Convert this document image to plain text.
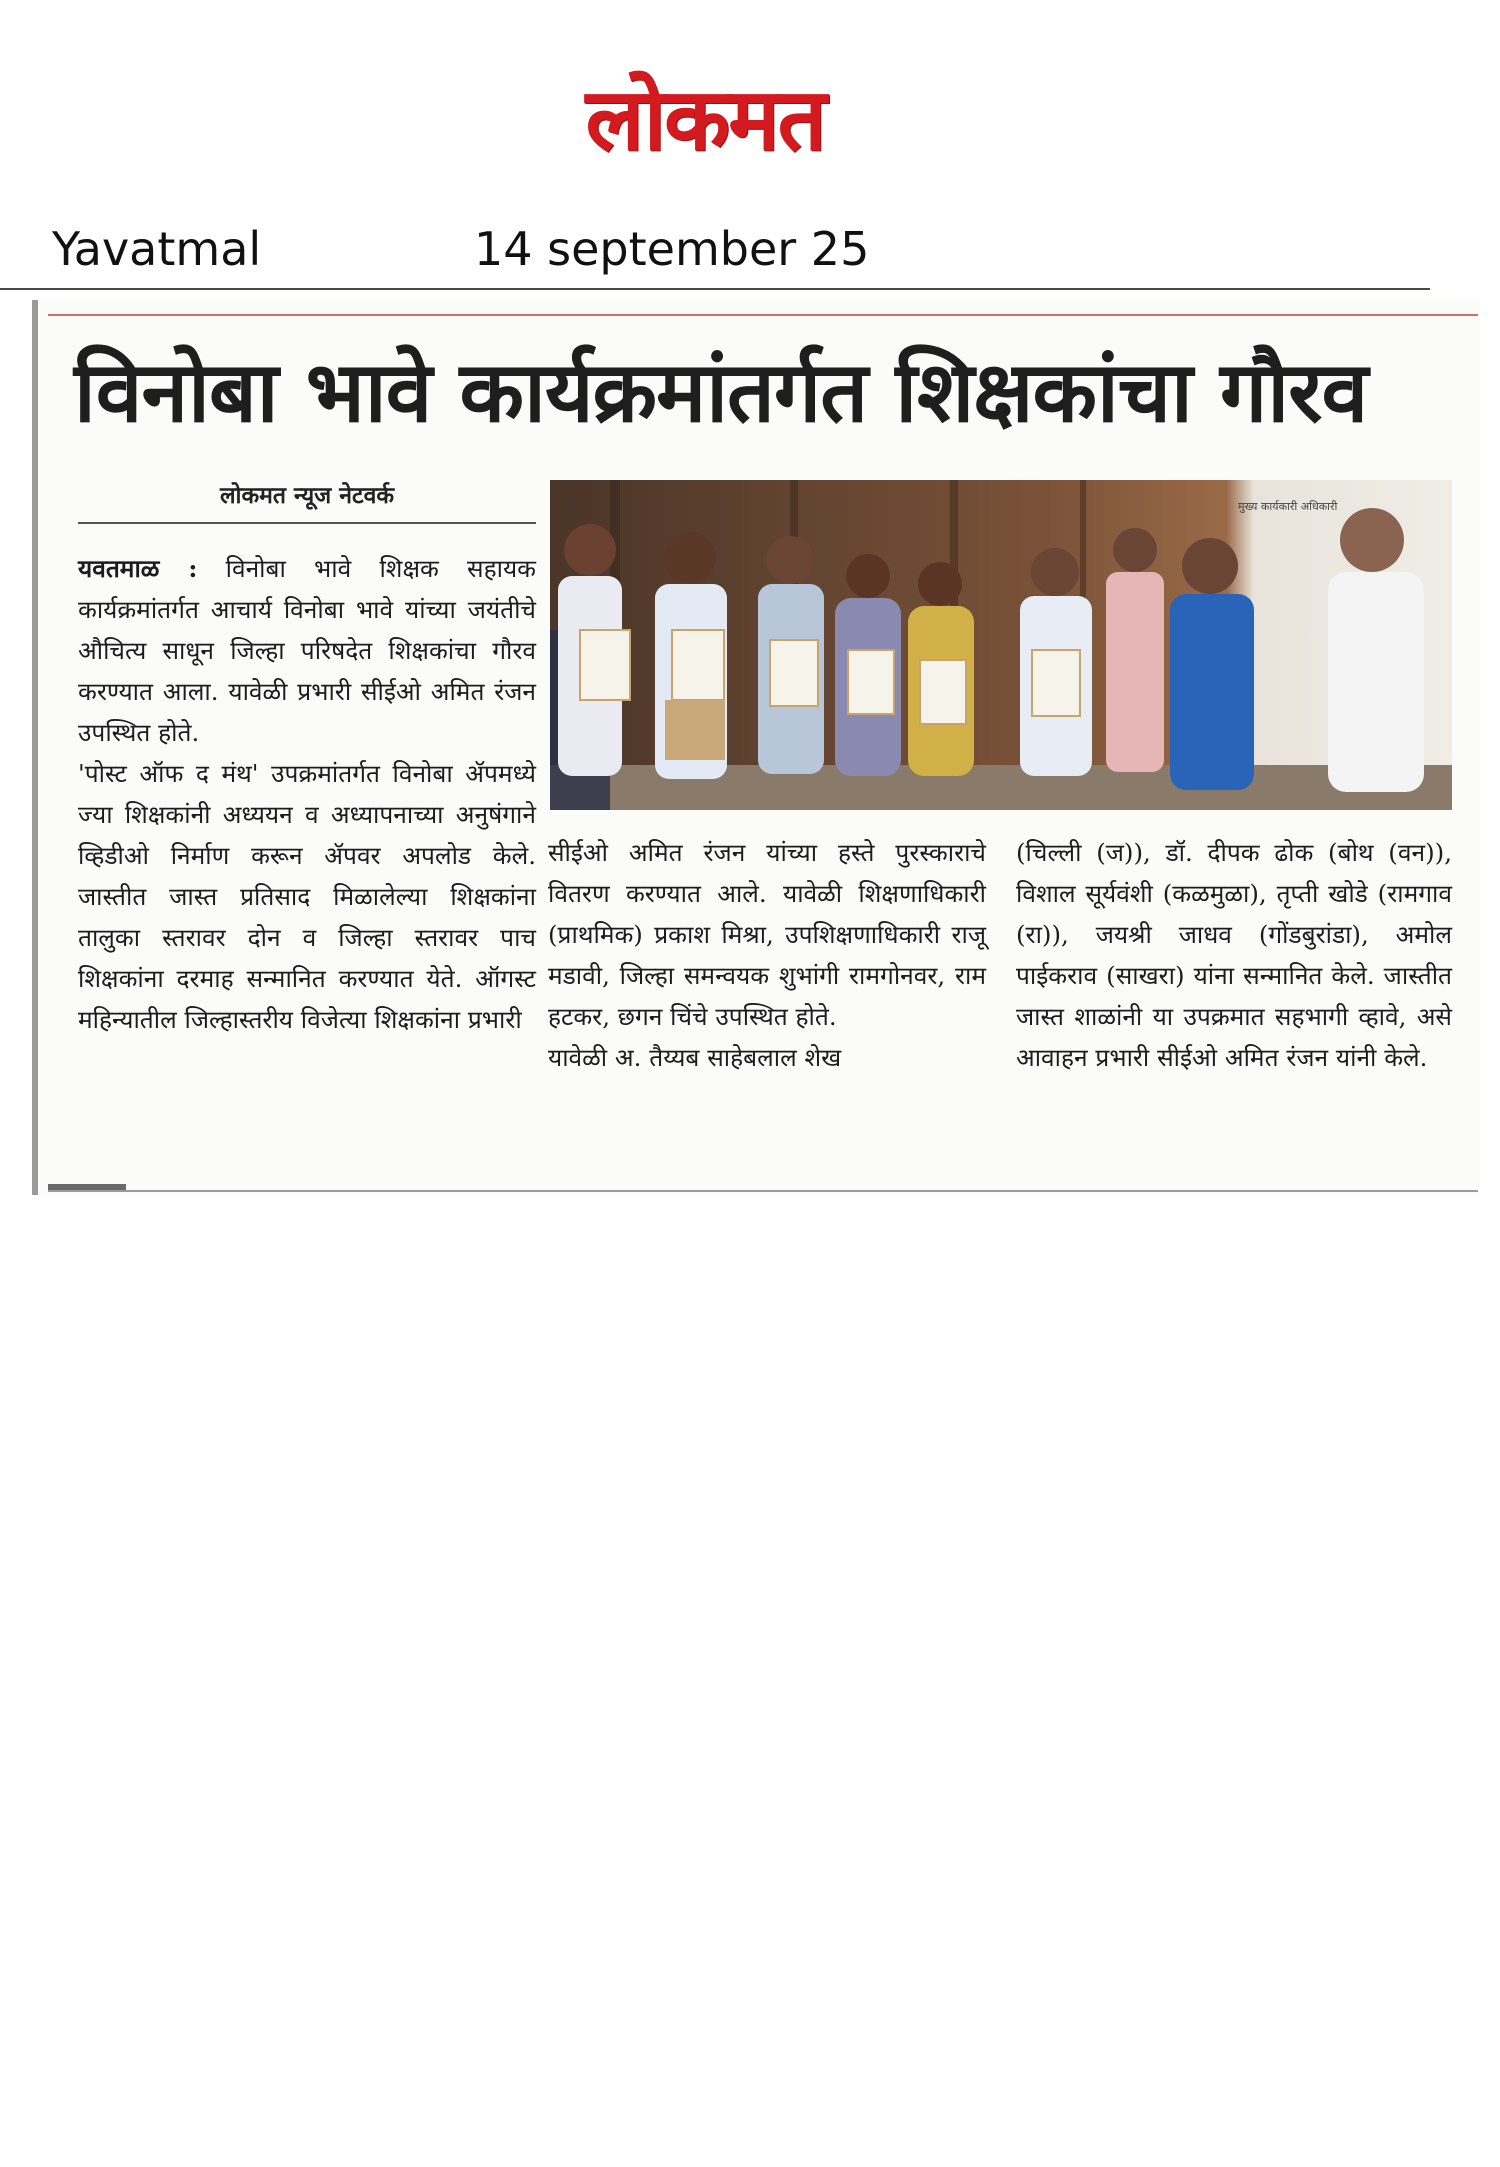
लोकमत
Yavatmal	14 september 25
विनोबा भावे कार्यक्रमांतर्गत शिक्षकांचा गौरव
लोकमत न्यूज नेटवर्क
यवतमाळ : विनोबा भावे शिक्षक सहायक कार्यक्रमांतर्गत आचार्य विनोबा भावे यांच्या जयंतीचे औचित्य साधून जिल्हा परिषदेत शिक्षकांचा गौरव करण्यात आला. यावेळी प्रभारी सीईओ अमित रंजन उपस्थित होते.
'पोस्ट ऑफ द मंथ' उपक्रमांतर्गत विनोबा ॲपमध्ये ज्या शिक्षकांनी अध्ययन व अध्यापनाच्या अनुषंगाने व्हिडीओ निर्माण करून ॲपवर अपलोड केले. जास्तीत जास्त प्रतिसाद मिळालेल्या शिक्षकांना तालुका स्तरावर दोन व जिल्हा स्तरावर पाच शिक्षकांना दरमाह सन्मानित करण्यात येते. ऑगस्ट महिन्यातील जिल्हास्तरीय विजेत्या शिक्षकांना प्रभारी
मुख्य कार्यकारी अधिकारी
सीईओ अमित रंजन यांच्या हस्ते पुरस्काराचे वितरण करण्यात आले. यावेळी शिक्षणाधिकारी (प्राथमिक) प्रकाश मिश्रा, उपशिक्षणाधिकारी राजू मडावी, जिल्हा समन्वयक शुभांगी रामगोनवर, राम हटकर, छगन चिंचे उपस्थित होते.
यावेळी अ. तैय्यब साहेबलाल शेख
(चिल्ली (ज)), डॉ. दीपक ढोक (बोथ (वन)), विशाल सूर्यवंशी (कळमुळा), तृप्ती खोडे (रामगाव (रा)), जयश्री जाधव (गोंडबुरांडा), अमोल पाईकराव (साखरा) यांना सन्मानित केले. जास्तीत जास्त शाळांनी या उपक्रमात सहभागी व्हावे, असे आवाहन प्रभारी सीईओ अमित रंजन यांनी केले.
